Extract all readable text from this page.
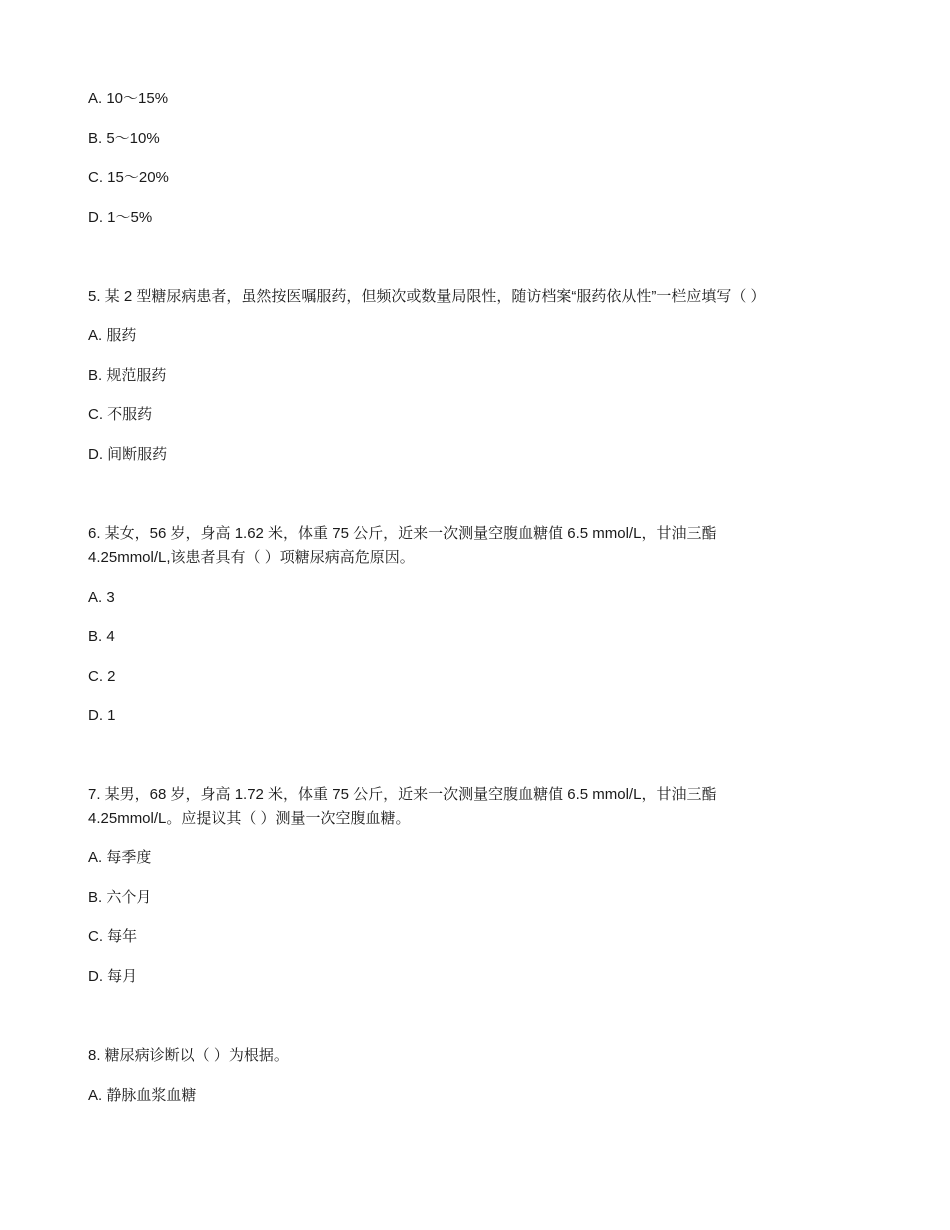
A. 10～15%
B. 5～10%
C. 15～20%
D. 1～5%
5. 某 2 型糖尿病患者，虽然按医嘱服药，但频次或数量局限性，随访档案“服药依从性”一栏应填写（ ）
A. 服药
B. 规范服药
C. 不服药
D. 间断服药
6. 某女，56 岁，身高 1.62 米，体重 75 公斤，近来一次测量空腹血糖值 6.5 mmol/L，甘油三酯
4.25mmol/L,该患者具有（ ）项糖尿病高危原因。
A. 3
B. 4
C. 2
D. 1
7. 某男，68 岁，身高 1.72 米，体重 75 公斤，近来一次测量空腹血糖值 6.5 mmol/L，甘油三酯
4.25mmol/L。应提议其（ ）测量一次空腹血糖。
A. 每季度
B. 六个月
C. 每年
D. 每月
8. 糖尿病诊断以（ ）为根据。
A. 静脉血浆血糖
